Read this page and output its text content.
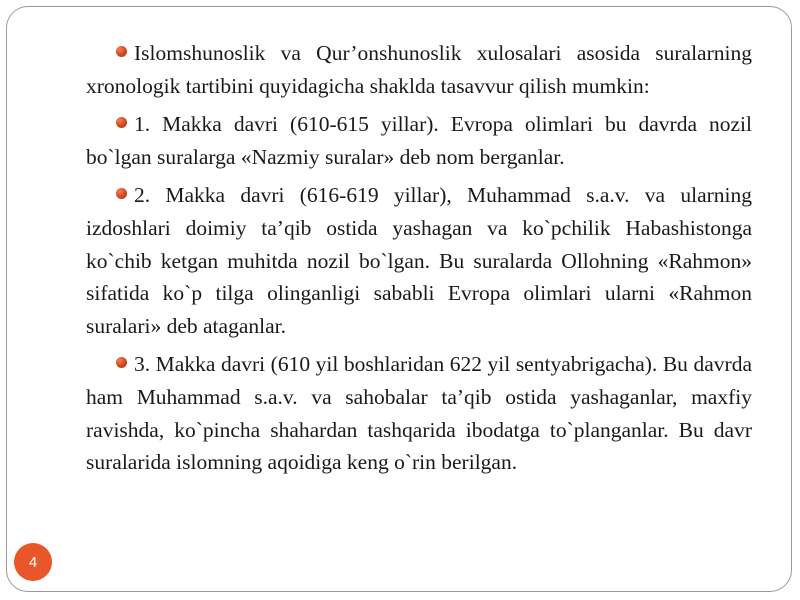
Islomshunoslik va Qur’onshunoslik xulosalari asosida suralarning xronologik tartibini quyidagicha shaklda tasavvur qilish mumkin:

1. Makka davri (610-615 yillar). Evropa olimlari bu davrda nozil bo`lgan suralarga «Nazmiy suralar» deb nom berganlar.

2. Makka davri (616-619 yillar), Muhammad s.a.v. va ularning izdoshlari doimiy ta’qib ostida yashagan va ko`pchilik Habashistonga ko`chib ketgan muhitda nozil bo`lgan. Bu suralarda Ollohning «Rahmon» sifatida ko`p tilga olinganligi sababli Evropa olimlari ularni «Rahmon suralari» deb ataganlar.

3. Makka davri (610 yil boshlaridan 622 yil sentyabrigacha). Bu davrda ham Muhammad s.a.v. va sahobalar ta’qib ostida yashaganlar, maxfiy ravishda, ko`pincha shahardan tashqarida ibodatga to`planganlar. Bu davr suralarida islomning aqoidiga keng o`rin berilgan.

4
